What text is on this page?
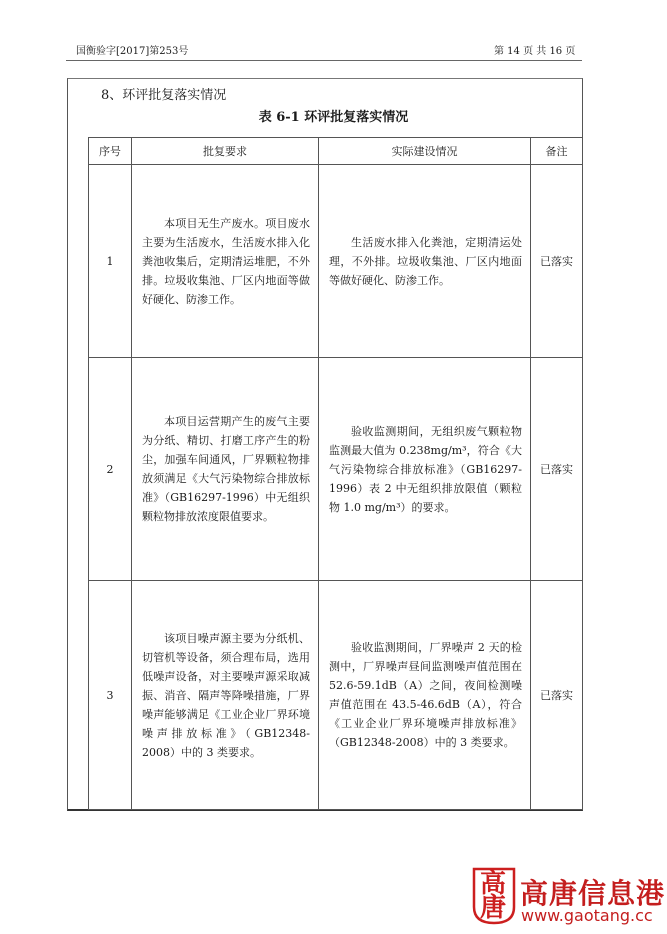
国衡验字[2017]第253号	第 14 页 共 16 页
8、环评批复落实情况
表 6-1 环评批复落实情况
序号	批复要求	实际建设情况	备注
1	本项目无生产废水。项目废水主要为生活废水，生活废水排入化粪池收集后，定期清运堆肥，不外排。垃圾收集池、厂区内地面等做好硬化、防渗工作。	生活废水排入化粪池，定期清运处理，不外排。垃圾收集池、厂区内地面等做好硬化、防渗工作。	已落实
2	本项目运营期产生的废气主要为分纸、精切、打磨工序产生的粉尘，加强车间通风，厂界颗粒物排放须满足《大气污染物综合排放标准》（GB16297-1996）中无组织颗粒物排放浓度限值要求。	验收监测期间，无组织废气颗粒物监测最大值为 0.238mg/m³，符合《大气污染物综合排放标准》（GB16297-1996）表 2 中无组织排放限值（颗粒物 1.0 mg/m³）的要求。	已落实
3	该项目噪声源主要为分纸机、切管机等设备，须合理布局，选用低噪声设备，对主要噪声源采取减振、消音、隔声等降噪措施，厂界噪声能够满足《工业企业厂界环境噪声排放标准》（GB12348-2008）中的 3 类要求。	验收监测期间，厂界噪声 2 天的检测中，厂界噪声昼间监测噪声值范围在 52.6-59.1dB（A）之间，夜间检测噪声值范围在 43.5-46.6dB（A），符合《工业企业厂界环境噪声排放标准》（GB12348-2008）中的 3 类要求。	已落实
高
唐 高唐信息港
www.gaotang.cc
